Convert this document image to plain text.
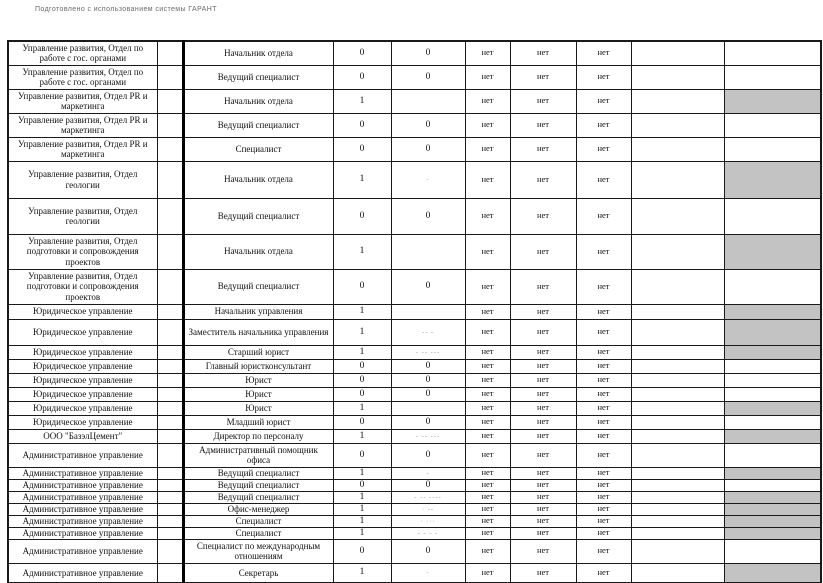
Подготовлено с использованием системы ГАРАНТ
Управление развития, Отдел по работе с гос. органами		Начальник отдела	0	0	нет	нет	нет		
Управление развития, Отдел по работе с гос. органами		Ведущий специалист	0	0	нет	нет	нет		
Управление развития, Отдел PR и маркетинга		Начальник отдела	1		нет	нет	нет		
Управление развития, Отдел PR и маркетинга		Ведущий специалист	0	0	нет	нет	нет		
Управление развития, Отдел PR и маркетинга		Специалист	0	0	нет	нет	нет		
Управление развития, Отдел геологии		Начальник отдела	1	-	нет	нет	нет		
Управление развития, Отдел геологии		Ведущий специалист	0	0	нет	нет	нет		
Управление развития, Отдел подготовки и сопровождения проектов		Начальник отдела	1		нет	нет	нет		
Управление развития, Отдел подготовки и сопровождения проектов		Ведущий специалист	0	0	нет	нет	нет		
Юридическое управление		Начальник управления	1		нет	нет	нет		
Юридическое управление		Заместитель начальника управления	1	-- -	нет	нет	нет		
Юридическое управление		Старший юрист	1	- -- ---	нет	нет	нет		
Юридическое управление		Главный юристконсультант	0	0	нет	нет	нет		
Юридическое управление		Юрист	0	0	нет	нет	нет		
Юридическое управление		Юрист	0	0	нет	нет	нет		
Юридическое управление		Юрист	1		нет	нет	нет		
Юридическое управление		Младший юрист	0	0	нет	нет	нет		
ООО "БазэлЦемент"		Директор по персоналу	1	- -- ---	нет	нет	нет		
Административное управление		Административный помощник офиса	0	0	нет	нет	нет		
Административное управление		Ведущий специалист	1	-	нет	нет	нет		
Административное управление		Ведущий специалист	0	0	нет	нет	нет		
Административное управление		Ведущий специалист	1	- -- ----	нет	нет	нет		
Административное управление		Офис-менеджер	1	· --	нет	нет	нет		
Административное управление		Специалист	1	· ···	нет	нет	нет		
Административное управление		Специалист	1	- - - -	нет	нет	нет		
Административное управление		Специалист по международным отношениям	0	0	нет	нет	нет		
Административное управление		Секретарь	1	-	нет	нет	нет		
